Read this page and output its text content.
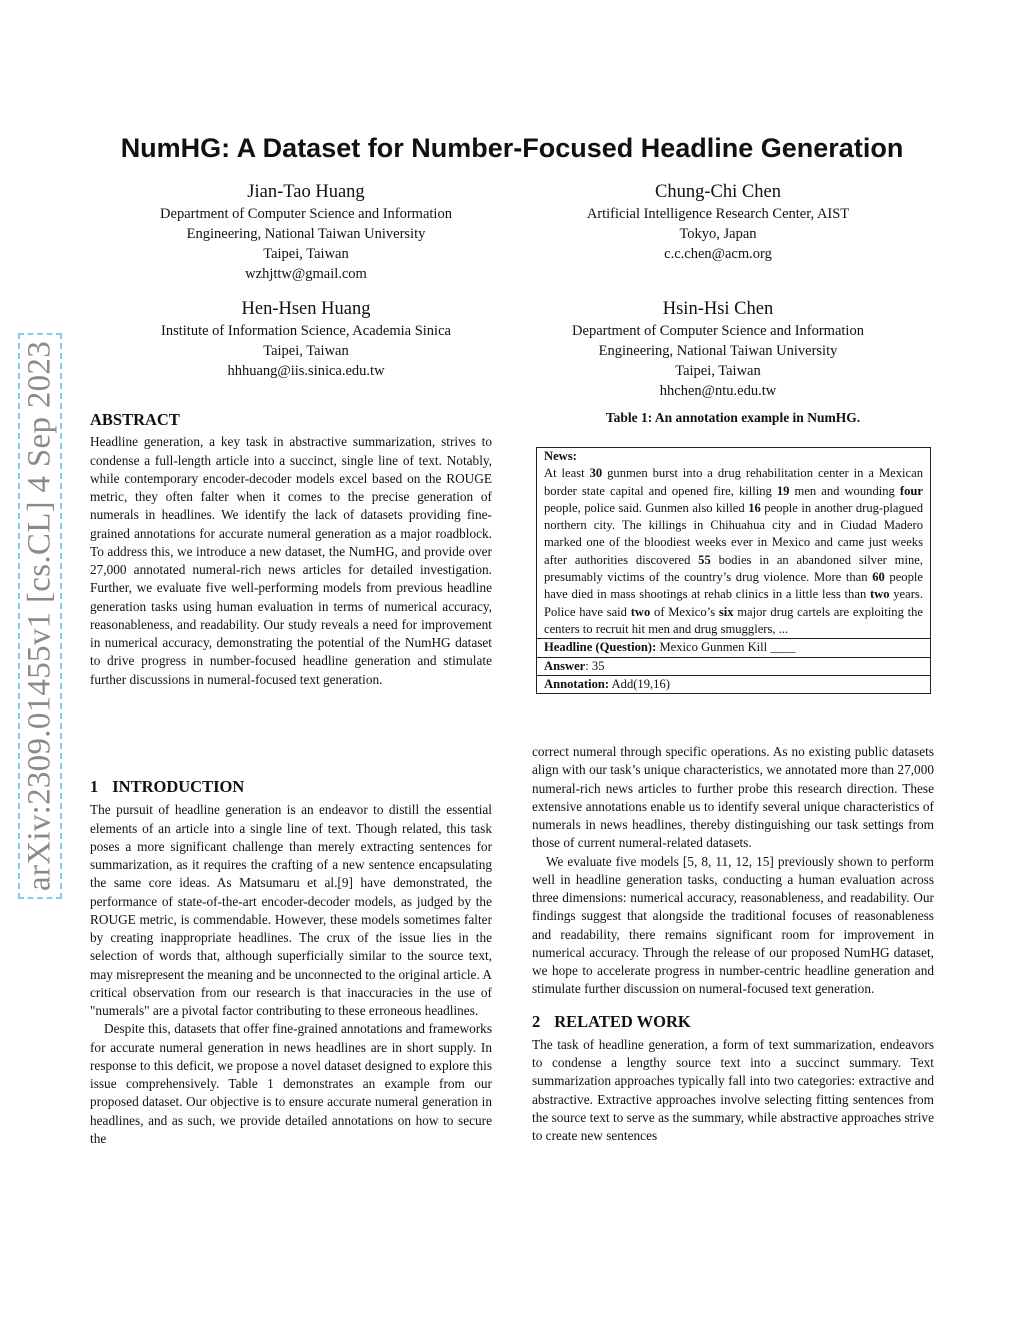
arXiv:2309.01455v1 [cs.CL] 4 Sep 2023
NumHG: A Dataset for Number-Focused Headline Generation
Jian-Tao Huang
Department of Computer Science and Information
Engineering, National Taiwan University
Taipei, Taiwan
wzhjttw@gmail.com
Chung-Chi Chen
Artificial Intelligence Research Center, AIST
Tokyo, Japan
c.c.chen@acm.org
Hen-Hsen Huang
Institute of Information Science, Academia Sinica
Taipei, Taiwan
hhhuang@iis.sinica.edu.tw
Hsin-Hsi Chen
Department of Computer Science and Information
Engineering, National Taiwan University
Taipei, Taiwan
hhchen@ntu.edu.tw
ABSTRACT

Headline generation, a key task in abstractive summarization, strives to condense a full-length article into a succinct, single line of text. Notably, while contemporary encoder-decoder models excel based on the ROUGE metric, they often falter when it comes to the precise generation of numerals in headlines. We identify the lack of datasets providing fine-grained annotations for accurate numeral generation as a major roadblock. To address this, we introduce a new dataset, the NumHG, and provide over 27,000 annotated numeral-rich news articles for detailed investigation. Further, we evaluate five well-performing models from previous headline generation tasks using human evaluation in terms of numerical accuracy, reasonableness, and readability. Our study reveals a need for improvement in numerical accuracy, demonstrating the potential of the NumHG dataset to drive progress in number-focused headline generation and stimulate further discussions in numeral-focused text generation.

1 INTRODUCTION

The pursuit of headline generation is an endeavor to distill the essential elements of an article into a single line of text. Though related, this task poses a more significant challenge than merely extracting sentences for summarization, as it requires the crafting of a new sentence encapsulating the same core ideas. As Matsumaru et al.[9] have demonstrated, the performance of state-of-the-art encoder-decoder models, as judged by the ROUGE metric, is commendable. However, these models sometimes falter by creating inappropriate headlines. The crux of the issue lies in the selection of words that, although superficially similar to the source text, may misrepresent the meaning and be unconnected to the original article. A critical observation from our research is that inaccuracies in the use of "numerals" are a pivotal factor contributing to these erroneous headlines.

Despite this, datasets that offer fine-grained annotations and frameworks for accurate numeral generation in news headlines are in short supply. In response to this deficit, we propose a novel dataset designed to explore this issue comprehensively. Table 1 demonstrates an example from our proposed dataset. Our objective is to ensure accurate numeral generation in headlines, and as such, we provide detailed annotations on how to secure the

Table 1: An annotation example in NumHG.
News:
At least 30 gunmen burst into a drug rehabilitation center in a Mexican border state capital and opened fire, killing 19 men and wounding four people, police said. Gunmen also killed 16 people in another drug-plagued northern city. The killings in Chihuahua city and in Ciudad Madero marked one of the bloodiest weeks ever in Mexico and came just weeks after authorities discovered 55 bodies in an abandoned silver mine, presumably victims of the country’s drug violence. More than 60 people have died in mass shootings at rehab clinics in a little less than two years. Police have said two of Mexico’s six major drug cartels are exploiting the centers to recruit hit men and drug smugglers, ...
Headline (Question): Mexico Gunmen Kill ____
Answer: 35
Annotation: Add(19,16)

correct numeral through specific operations. As no existing public datasets align with our task’s unique characteristics, we annotated more than 27,000 numeral-rich news articles to further probe this research direction. These extensive annotations enable us to identify several unique characteristics of numerals in news headlines, thereby distinguishing our task settings from those of current numeral-related datasets.

We evaluate five models [5, 8, 11, 12, 15] previously shown to perform well in headline generation tasks, conducting a human evaluation across three dimensions: numerical accuracy, reasonableness, and readability. Our findings suggest that alongside the traditional focuses of reasonableness and readability, there remains significant room for improvement in numerical accuracy. Through the release of our proposed NumHG dataset, we hope to accelerate progress in number-centric headline generation and stimulate further discussion on numeral-focused text generation.

2 RELATED WORK

The task of headline generation, a form of text summarization, endeavors to condense a lengthy source text into a succinct summary. Text summarization approaches typically fall into two categories: extractive and abstractive. Extractive approaches involve selecting fitting sentences from the source text to serve as the summary, while abstractive approaches strive to create new sentences
